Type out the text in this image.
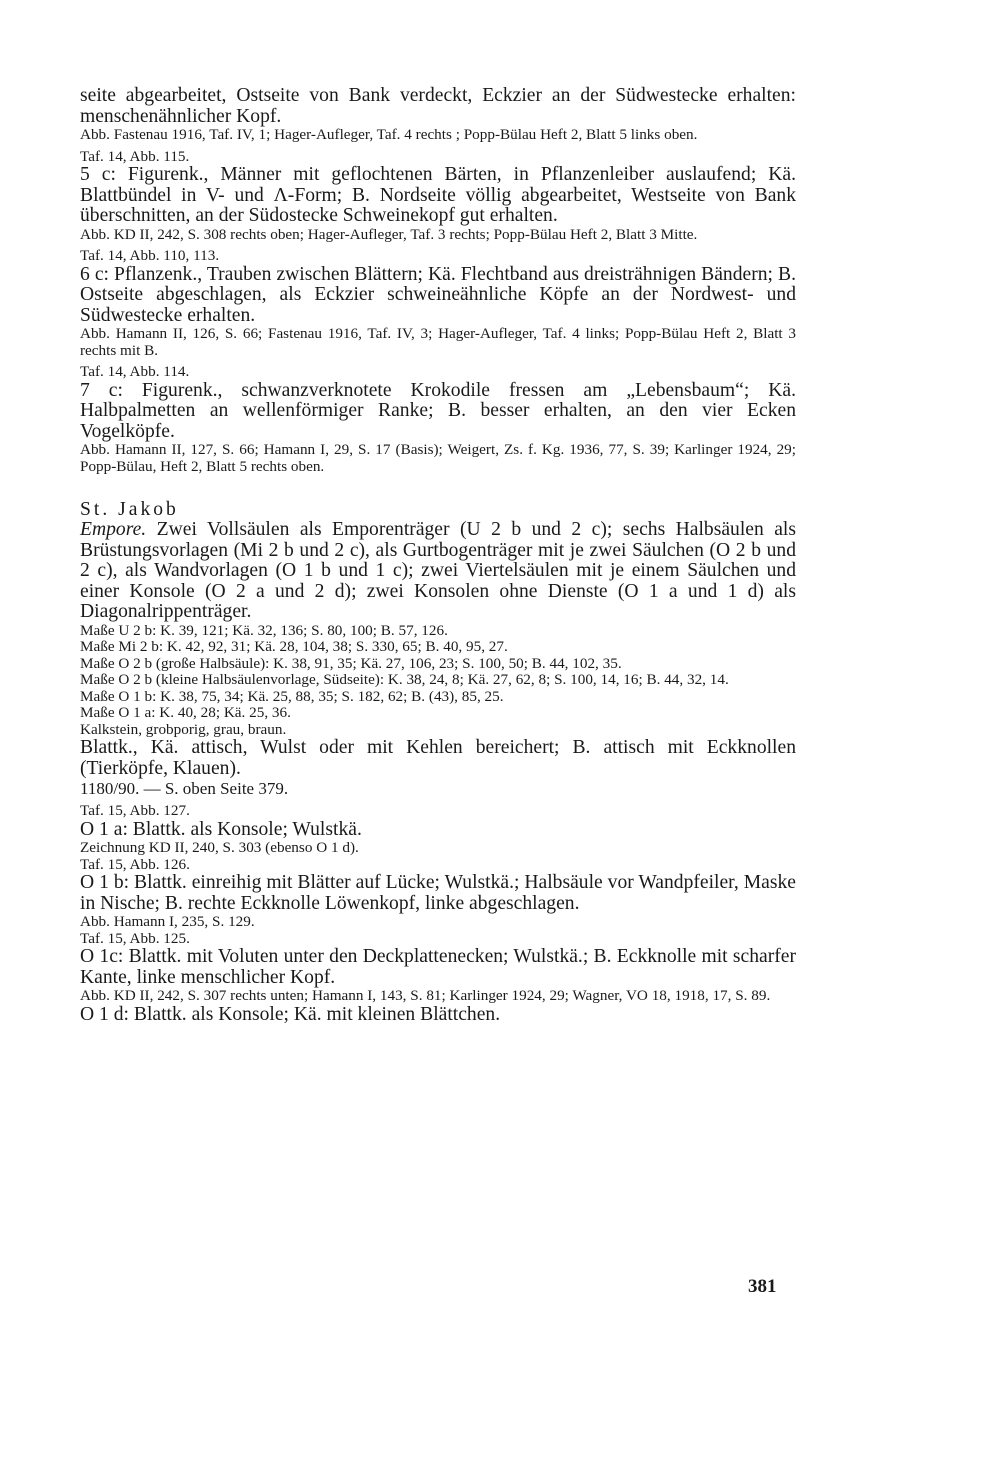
seite abgearbeitet, Ostseite von Bank verdeckt, Eckzier an der Südwestecke erhalten: menschenähnlicher Kopf.

Abb. Fastenau 1916, Taf. IV, 1; Hager-Aufleger, Taf. 4 rechts ; Popp-Bülau Heft 2, Blatt 5 links oben.

Taf. 14, Abb. 115.

5 c: Figurenk., Männer mit geflochtenen Bärten, in Pflanzenleiber auslaufend; Kä. Blattbündel in V- und Λ-Form; B. Nordseite völlig abgearbeitet, Westseite von Bank überschnitten, an der Südostecke Schweinekopf gut erhalten.

Abb. KD II, 242, S. 308 rechts oben; Hager-Aufleger, Taf. 3 rechts; Popp-Bülau Heft 2, Blatt 3 Mitte.

Taf. 14, Abb. 110, 113.

6 c: Pflanzenk., Trauben zwischen Blättern; Kä. Flechtband aus dreisträhnigen Bändern; B. Ostseite abgeschlagen, als Eckzier schweineähnliche Köpfe an der Nordwest- und Südwestecke erhalten.

Abb. Hamann II, 126, S. 66; Fastenau 1916, Taf. IV, 3; Hager-Aufleger, Taf. 4 links; Popp-Bülau Heft 2, Blatt 3 rechts mit B.

Taf. 14, Abb. 114.

7 c: Figurenk., schwanzverknotete Krokodile fressen am „Lebensbaum“; Kä. Halbpalmetten an wellenförmiger Ranke; B. besser erhalten, an den vier Ecken Vogelköpfe.

Abb. Hamann II, 127, S. 66; Hamann I, 29, S. 17 (Basis); Weigert, Zs. f. Kg. 1936, 77, S. 39; Karlinger 1924, 29; Popp-Bülau, Heft 2, Blatt 5 rechts oben.

St. Jakob

Empore. Zwei Vollsäulen als Emporenträger (U 2 b und 2 c); sechs Halbsäulen als Brüstungsvorlagen (Mi 2 b und 2 c), als Gurtbogenträger mit je zwei Säulchen (O 2 b und 2 c), als Wandvorlagen (O 1 b und 1 c); zwei Viertelsäulen mit je einem Säulchen und einer Konsole (O 2 a und 2 d); zwei Konsolen ohne Dienste (O 1 a und 1 d) als Diagonalrippenträger.

Maße U 2 b: K. 39, 121; Kä. 32, 136; S. 80, 100; B. 57, 126.

Maße Mi 2 b: K. 42, 92, 31; Kä. 28, 104, 38; S. 330, 65; B. 40, 95, 27.

Maße O 2 b (große Halbsäule): K. 38, 91, 35; Kä. 27, 106, 23; S. 100, 50; B. 44, 102, 35.

Maße O 2 b (kleine Halbsäulenvorlage, Südseite): K. 38, 24, 8; Kä. 27, 62, 8; S. 100, 14, 16; B. 44, 32, 14.

Maße O 1 b: K. 38, 75, 34; Kä. 25, 88, 35; S. 182, 62; B. (43), 85, 25.

Maße O 1 a: K. 40, 28; Kä. 25, 36.

Kalkstein, grobporig, grau, braun.

Blattk., Kä. attisch, Wulst oder mit Kehlen bereichert; B. attisch mit Eckknollen (Tierköpfe, Klauen).

1180/90. — S. oben Seite 379.

Taf. 15, Abb. 127.

O 1 a: Blattk. als Konsole; Wulstkä.

Zeichnung KD II, 240, S. 303 (ebenso O 1 d).

Taf. 15, Abb. 126.

O 1 b: Blattk. einreihig mit Blätter auf Lücke; Wulstkä.; Halbsäule vor Wandpfeiler, Maske in Nische; B. rechte Eckknolle Löwenkopf, linke abgeschlagen.

Abb. Hamann I, 235, S. 129.

Taf. 15, Abb. 125.

O 1c: Blattk. mit Voluten unter den Deckplattenecken; Wulstkä.; B. Eckknolle mit scharfer Kante, linke menschlicher Kopf.

Abb. KD II, 242, S. 307 rechts unten; Hamann I, 143, S. 81; Karlinger 1924, 29; Wagner, VO 18, 1918, 17, S. 89.

O 1 d: Blattk. als Konsole; Kä. mit kleinen Blättchen.

381
